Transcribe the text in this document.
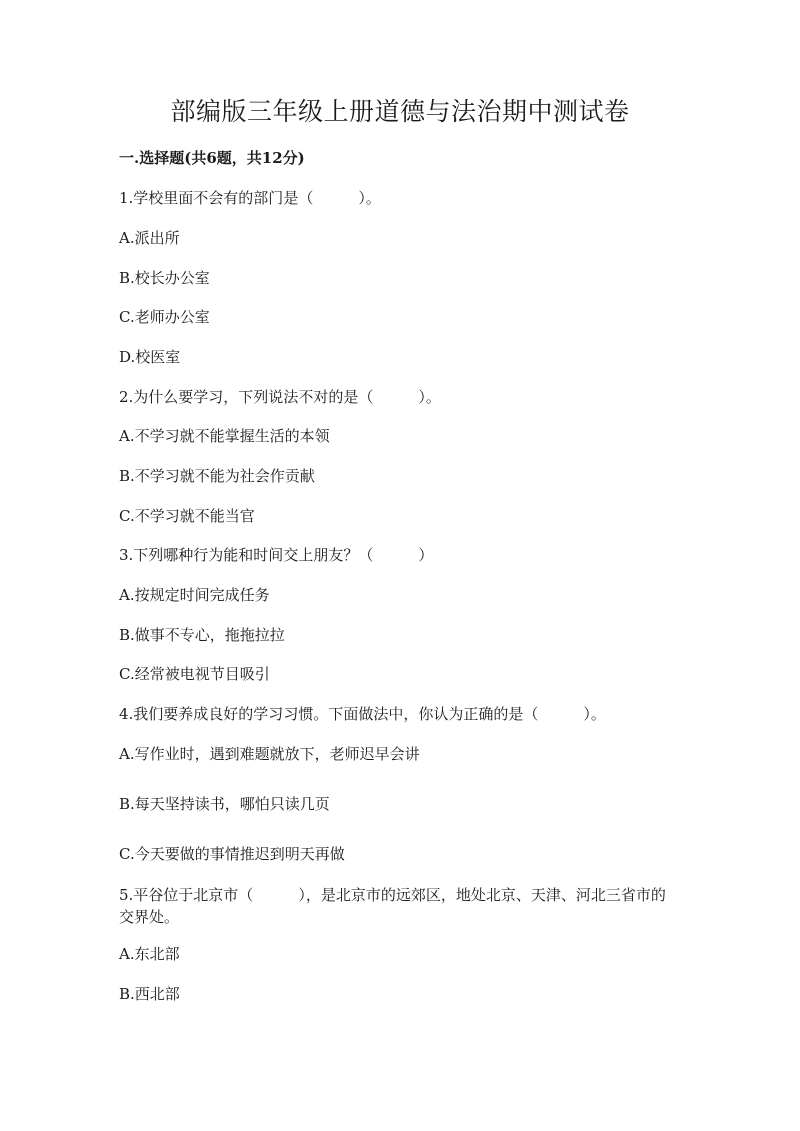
部编版三年级上册道德与法治期中测试卷
一.选择题(共6题，共12分)
1.学校里面不会有的部门是（　　　）。
A.派出所
B.校长办公室
C.老师办公室
D.校医室
2.为什么要学习，下列说法不对的是（　　　）。
A.不学习就不能掌握生活的本领
B.不学习就不能为社会作贡献
C.不学习就不能当官
3.下列哪种行为能和时间交上朋友？（　　　）
A.按规定时间完成任务
B.做事不专心，拖拖拉拉
C.经常被电视节目吸引
4.我们要养成良好的学习习惯。下面做法中，你认为正确的是（　　　）。
A.写作业时，遇到难题就放下，老师迟早会讲
B.每天坚持读书，哪怕只读几页
C.今天要做的事情推迟到明天再做
5.平谷位于北京市（　　　），是北京市的远郊区，地处北京、天津、河北三省市的交界处。
A.东北部
B.西北部
